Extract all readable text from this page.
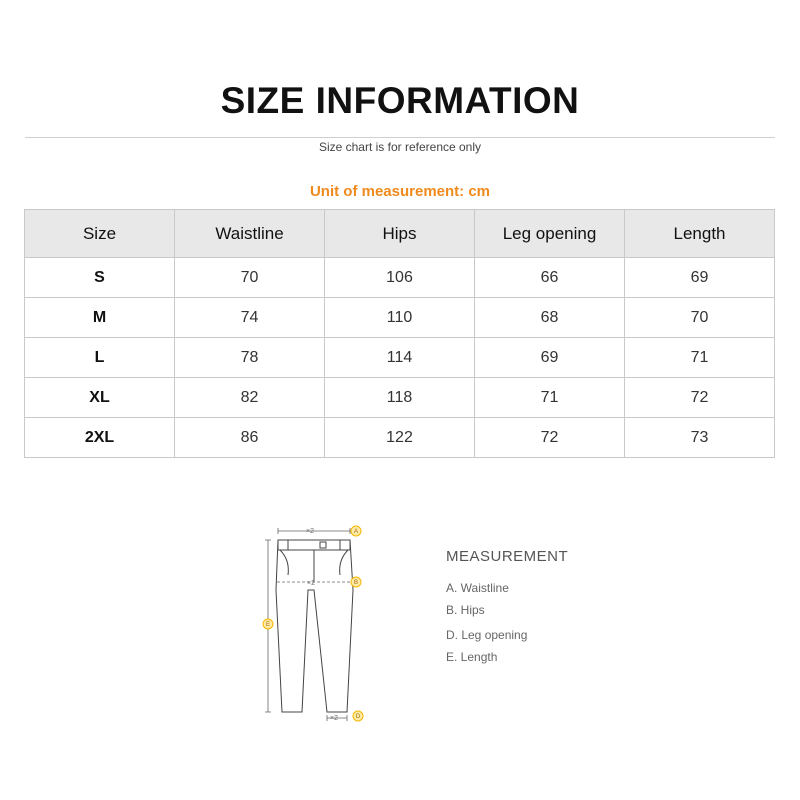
SIZE INFORMATION
Size chart is for reference only
Unit of measurement: cm
Size	Waistline	Hips	Leg opening	Length
S	70	106	66	69
M	74	110	68	70
L	78	114	69	71
XL	82	118	71	72
2XL	86	122	72	73
×2
×2
×2
A
B
E
D
MEASUREMENT
A. Waistline
B. Hips
D. Leg opening
E. Length
